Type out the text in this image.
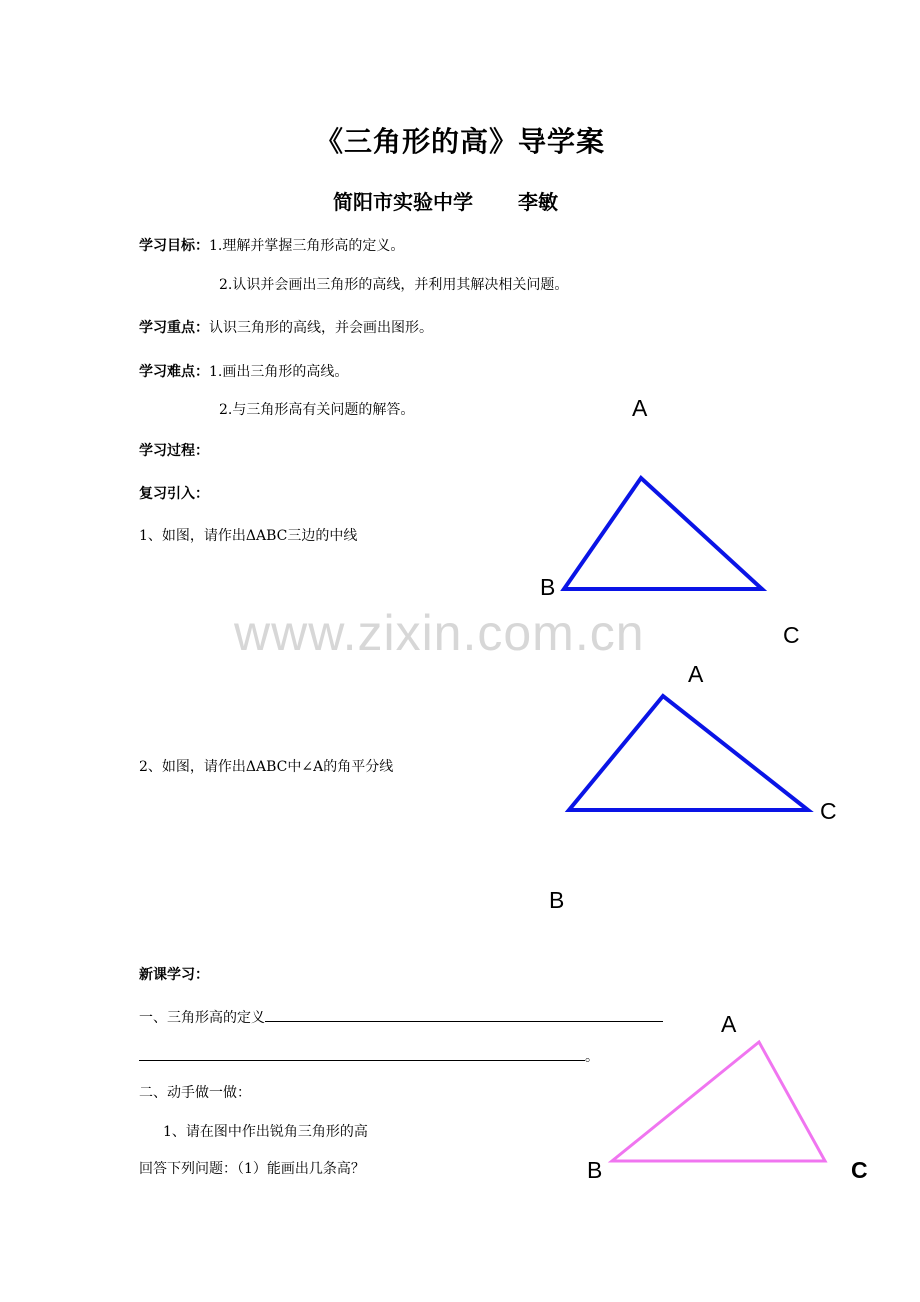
www.zixin.com.cn
《三角形的高》导学案
简阳市实验中学 李敏
学习目标：1.理解并掌握三角形高的定义。
2.认识并会画出三角形的高线，并利用其解决相关问题。
学习重点：认识三角形的高线，并会画出图形。
学习难点：1.画出三角形的高线。
2.与三角形高有关问题的解答。
学习过程：
复习引入：
1、如图，请作出ΔABC三边的中线
2、如图，请作出ΔABC中∠A的角平分线
新课学习：
一、三角形高的定义
。
二、动手做一做：
1、请在图中作出锐角三角形的高
回答下列问题：（1）能画出几条高？
A
B
C
A
C
B
A
B	C
